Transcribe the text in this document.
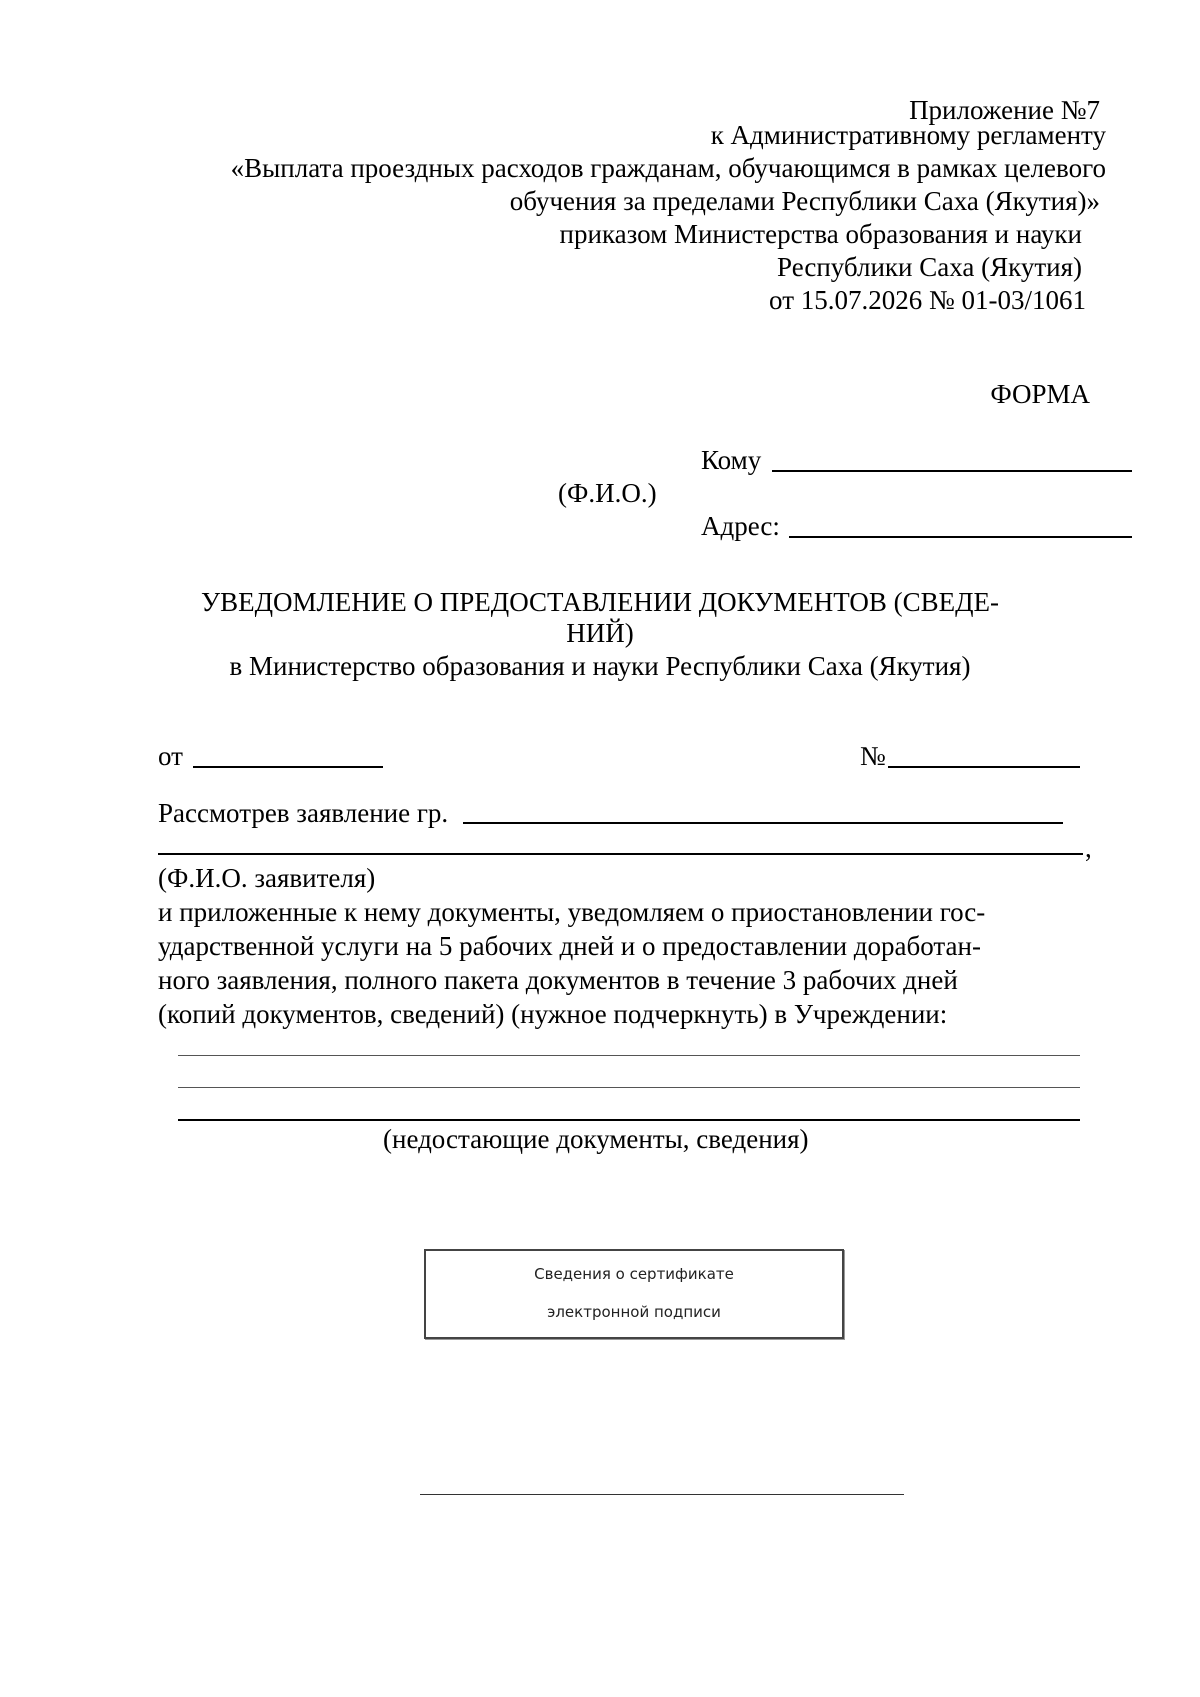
Приложение №7
к Административному регламенту
«Выплата проездных расходов гражданам, обучающимся в рамках целевого
обучения за пределами Республики Саха (Якутия)»
приказом Министерства образования и науки
Республики Саха (Якутия)
от 15.07.2026 № 01-03/1061
ФОРМА
Кому
(Ф.И.О.)
Адрес:
УВЕДОМЛЕНИЕ О ПРЕДОСТАВЛЕНИИ ДОКУМЕНТОВ (СВЕДЕ-
НИЙ)
в Министерство образования и науки Республики Саха (Якутия)
от	№
Рассмотрев заявление гр.
,
(Ф.И.О. заявителя)
и приложенные к нему документы, уведомляем о приостановлении гос-
ударственной услуги на 5 рабочих дней и о предоставлении доработан-
ного заявления, полного пакета документов в течение 3 рабочих дней
(копий документов, сведений) (нужное подчеркнуть) в Учреждении:
(недостающие документы, сведения)
Сведения о сертификате
электронной подписи
